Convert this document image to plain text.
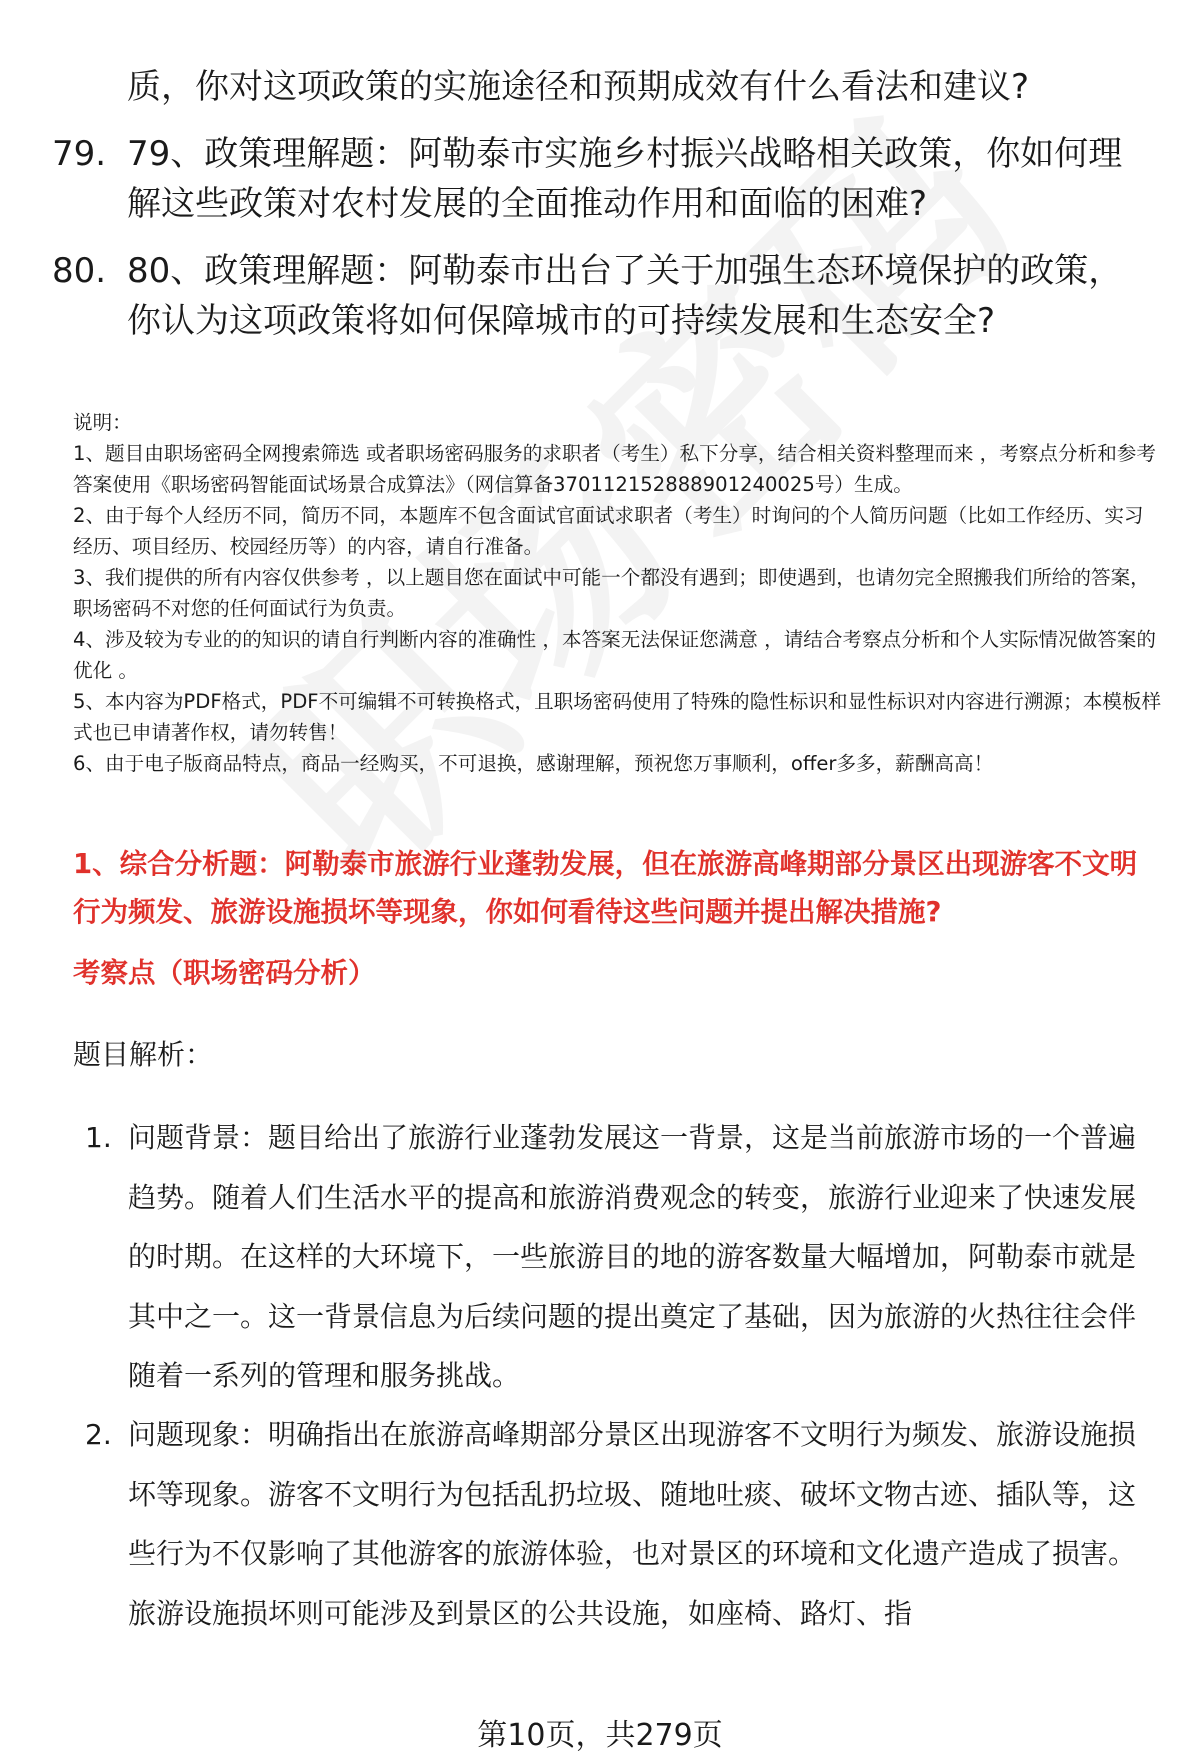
质，你对这项政策的实施途径和预期成效有什么看法和建议?
79. 79、政策理解题：阿勒泰市实施乡村振兴战略相关政策，你如何理解这些政策对农村发展的全面推动作用和面临的困难?
80. 80、政策理解题：阿勒泰市出台了关于加强生态环境保护的政策，你认为这项政策将如何保障城市的可持续发展和生态安全?

说明：

1、题目由职场密码全网搜索筛选 或者职场密码服务的求职者（考生）私下分享，结合相关资料整理而来 ，考察点分析和参考答案使用《职场密码智能面试场景合成算法》（网信算备370112152888901240025号）生成。

2、由于每个人经历不同，简历不同，本题库不包含面试官面试求职者（考生）时询问的个人简历问题（比如工作经历、实习经历、项目经历、校园经历等）的内容，请自行准备。

3、我们提供的所有内容仅供参考 ，以上题目您在面试中可能一个都没有遇到；即使遇到，也请勿完全照搬我们所给的答案，职场密码不对您的任何面试行为负责。

4、涉及较为专业的的知识的请自行判断内容的准确性 ，本答案无法保证您满意 ，请结合考察点分析和个人实际情况做答案的优化 。

5、本内容为PDF格式，PDF不可编辑不可转换格式，且职场密码使用了特殊的隐性标识和显性标识对内容进行溯源；本模板样式也已申请著作权，请勿转售！

6、由于电子版商品特点，商品一经购买，不可退换，感谢理解，预祝您万事顺利，offer多多，薪酬高高！

1、综合分析题：阿勒泰市旅游行业蓬勃发展，但在旅游高峰期部分景区出现游客不文明行为频发、旅游设施损坏等现象，你如何看待这些问题并提出解决措施?
考察点（职场密码分析）
题目解析：
1. 问题背景：题目给出了旅游行业蓬勃发展这一背景，这是当前旅游市场的一个普遍趋势。随着人们生活水平的提高和旅游消费观念的转变，旅游行业迎来了快速发展的时期。在这样的大环境下，一些旅游目的地的游客数量大幅增加，阿勒泰市就是其中之一。这一背景信息为后续问题的提出奠定了基础，因为旅游的火热往往会伴随着一系列的管理和服务挑战。
2. 问题现象：明确指出在旅游高峰期部分景区出现游客不文明行为频发、旅游设施损坏等现象。游客不文明行为包括乱扔垃圾、随地吐痰、破坏文物古迹、插队等，这些行为不仅影响了其他游客的旅游体验，也对景区的环境和文化遗产造成了损害。旅游设施损坏则可能涉及到景区的公共设施，如座椅、路灯、指
第10页，共279页
